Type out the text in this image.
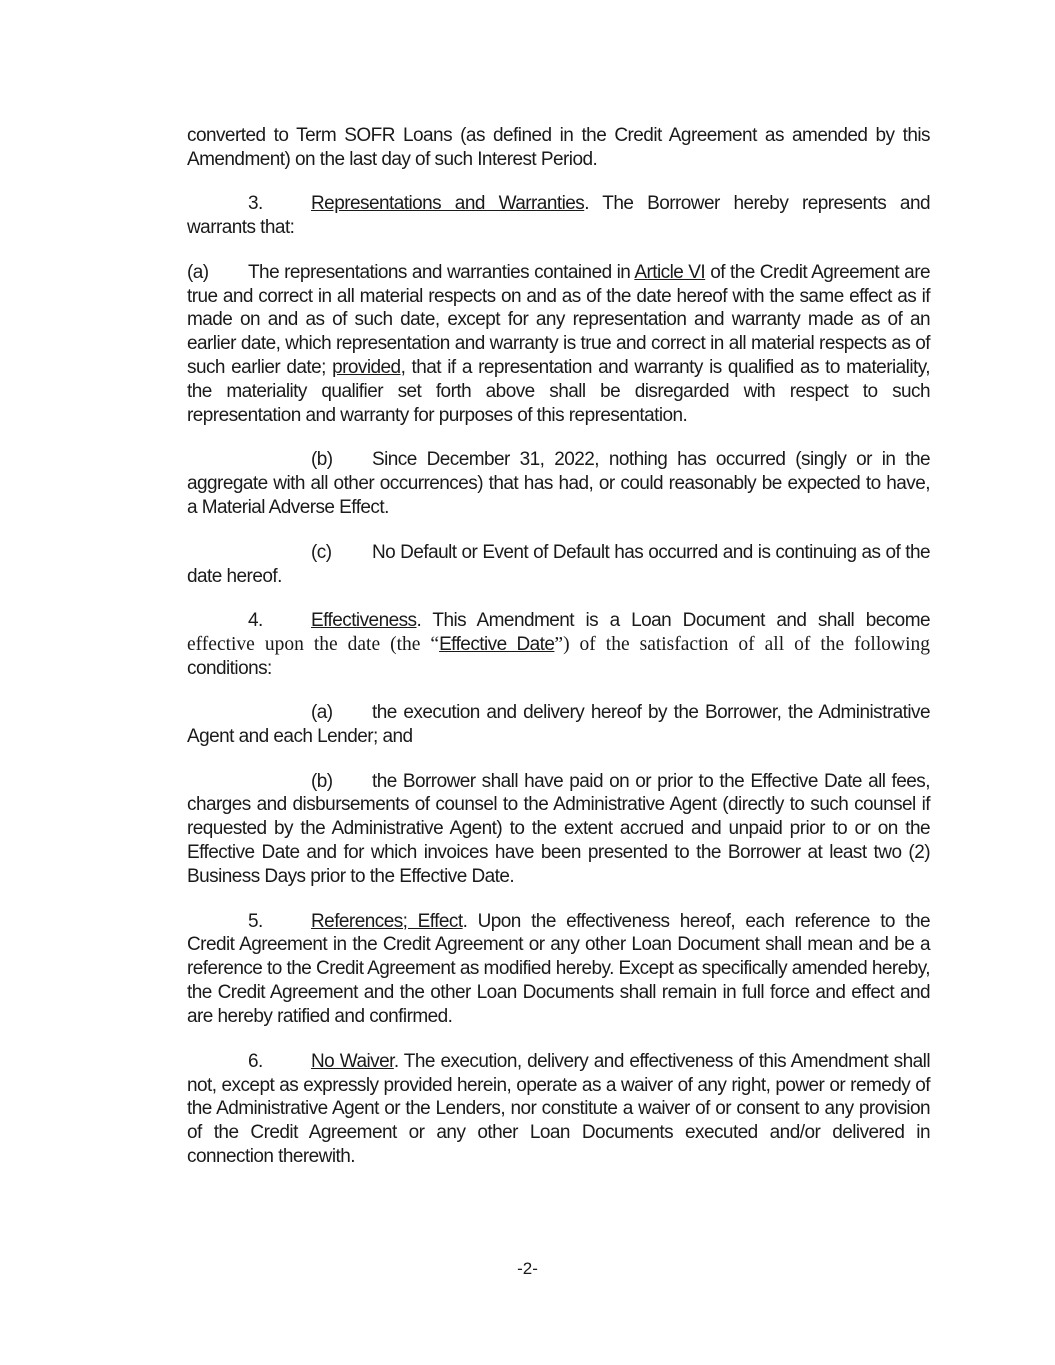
converted to Term SOFR Loans (as defined in the Credit Agreement as amended by this Amendment) on the last day of such Interest Period.

3.	Representations and Warranties. The Borrower hereby represents and warrants that:

(a) The representations and warranties contained in Article VI of the Credit Agreement are true and correct in all material respects on and as of the date hereof with the same effect as if made on and as of such date, except for any representation and warranty made as of an earlier date, which representation and warranty is true and correct in all material respects as of such earlier date; provided, that if a representation and warranty is qualified as to materiality, the materiality qualifier set forth above shall be disregarded with respect to such representation and warranty for purposes of this representation.

(b) Since December 31, 2022, nothing has occurred (singly or in the aggregate with all other occurrences) that has had, or could reasonably be expected to have, a Material Adverse Effect.

(c) No Default or Event of Default has occurred and is continuing as of the date hereof.

4.	Effectiveness. This Amendment is a Loan Document and shall become effective upon the date (the “Effective Date”) of the satisfaction of all of the following conditions:

(a) the execution and delivery hereof by the Borrower, the Administrative Agent and each Lender; and

(b) the Borrower shall have paid on or prior to the Effective Date all fees, charges and disbursements of counsel to the Administrative Agent (directly to such counsel if requested by the Administrative Agent) to the extent accrued and unpaid prior to or on the Effective Date and for which invoices have been presented to the Borrower at least two (2) Business Days prior to the Effective Date.

5.	References; Effect. Upon the effectiveness hereof, each reference to the Credit Agreement in the Credit Agreement or any other Loan Document shall mean and be a reference to the Credit Agreement as modified hereby. Except as specifically amended hereby, the Credit Agreement and the other Loan Documents shall remain in full force and effect and are hereby ratified and confirmed.

6.	No Waiver. The execution, delivery and effectiveness of this Amendment shall not, except as expressly provided herein, operate as a waiver of any right, power or remedy of the Administrative Agent or the Lenders, nor constitute a waiver of or consent to any provision of the Credit Agreement or any other Loan Documents executed and/or delivered in connection therewith.

-2-
